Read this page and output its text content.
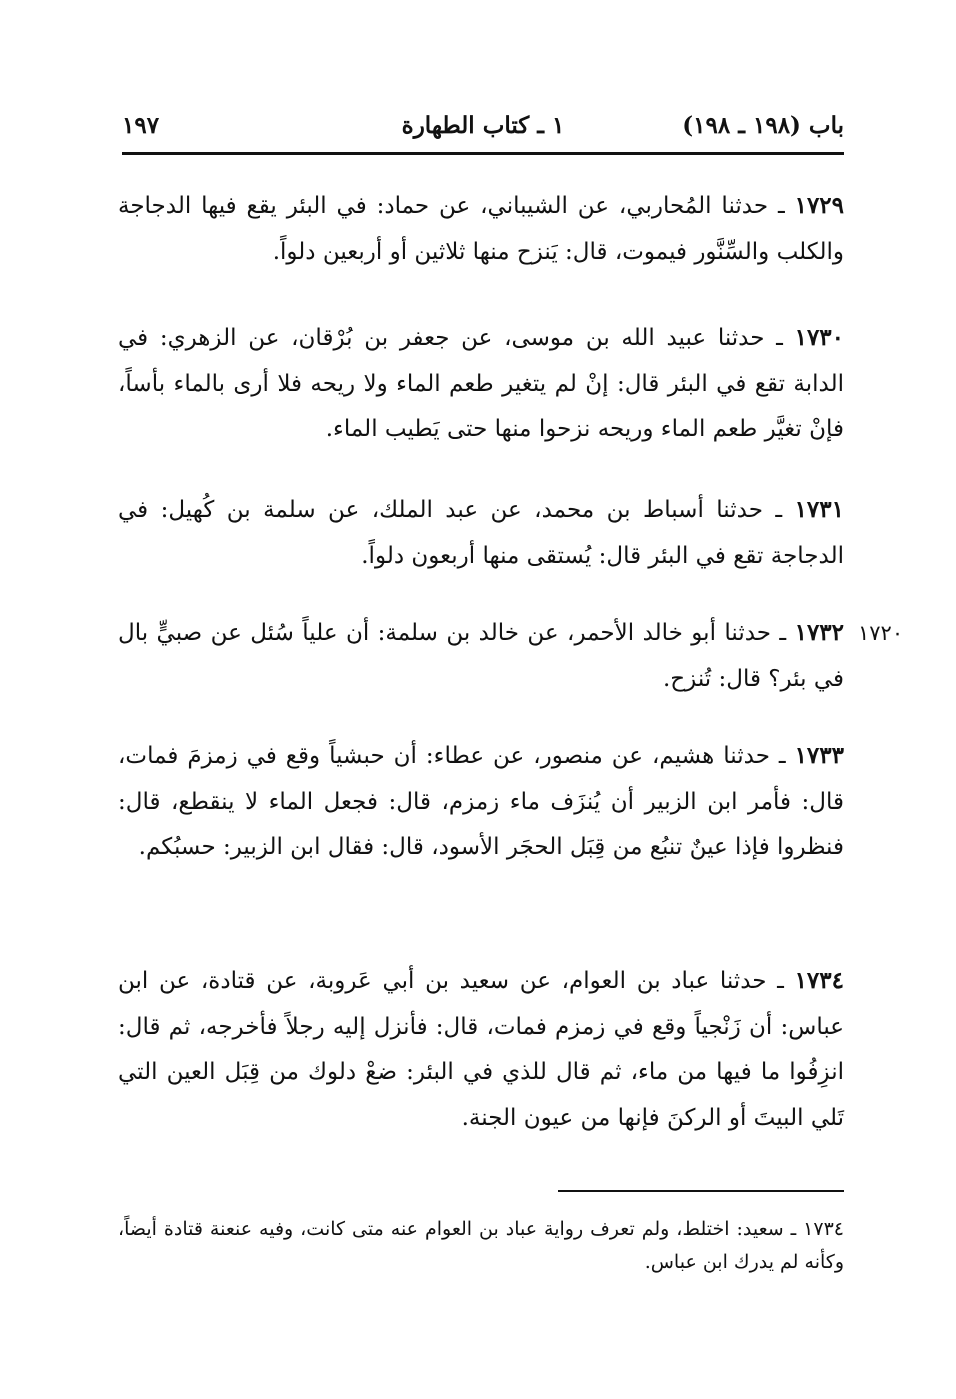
باب (١٩٨ ـ ١٩٨)
١ ـ كتاب الطهارة
١٩٧

١٧٢٩ ـ حدثنا المُحاربي، عن الشيباني، عن حماد: في البئر يقع فيها الدجاجة والكلب والسِّنَّور فيموت، قال: يَنزح منها ثلاثين أو أربعين دلواً.

١٧٣٠ ـ حدثنا عبيد الله بن موسى، عن جعفر بن بُرْقان، عن الزهري: في الدابة تقع في البئر قال: إنْ لم يتغير طعم الماء ولا ريحه فلا أرى بالماء بأساً، فإنْ تغيَّر طعم الماء وريحه نزحوا منها حتى يَطيب الماء.

١٧٣١ ـ حدثنا أسباط بن محمد، عن عبد الملك، عن سلمة بن كُهيل: في الدجاجة تقع في البئر قال: يُستقى منها أربعون دلواً.

١٧٣٢ ـ حدثنا أبو خالد الأحمر، عن خالد بن سلمة: أن علياً سُئل عن صبيٍّ بال في بئر؟ قال: تُنزح.

١٧٢٠

١٧٣٣ ـ حدثنا هشيم، عن منصور، عن عطاء: أن حبشياً وقع في زمزمَ فمات، قال: فأمر ابن الزبير أن يُنزَف ماء زمزم، قال: فجعل الماء لا ينقطع، قال: فنظروا فإذا عينٌ تنبُع من قِبَل الحجَر الأسود، قال: فقال ابن الزبير: حسبُكم.

١٧٣٤ ـ حدثنا عباد بن العوام، عن سعيد بن أبي عَروبة، عن قتادة، عن ابن عباس: أن زَنْجياً وقع في زمزم فمات، قال: فأنزل إليه رجلاً فأخرجه، ثم قال: انزِفُوا ما فيها من ماء، ثم قال للذي في البئر: ضعْ دلوك من قِبَل العين التي تَلي البيتَ أو الركنَ فإنها من عيون الجنة.

١٧٣٤ ـ سعيد: اختلط، ولم تعرف رواية عباد بن العوام عنه متى كانت، وفيه عنعنة قتادة أيضاً، وكأنه لم يدرك ابن عباس.
